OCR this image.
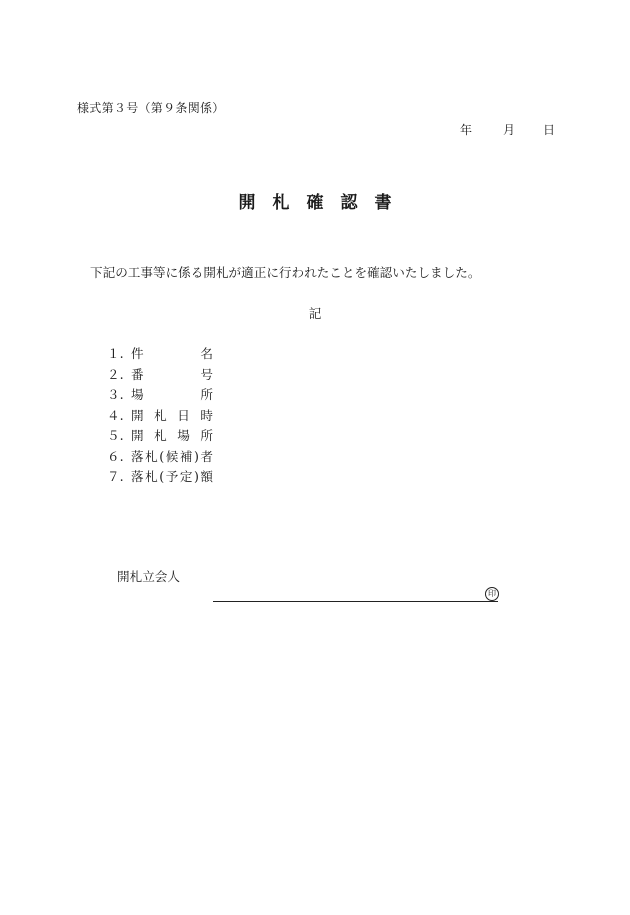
様式第３号（第９条関係）
年	月 日
開札確認書
下記の工事等に係る開札が適正に行われたことを確認いたしました。
記
１. 件名
２. 番号
３. 場所
４. 開札日時
５. 開札場所
６. 落札(候補)者
７. 落札(予定)額
開札立会人
印
